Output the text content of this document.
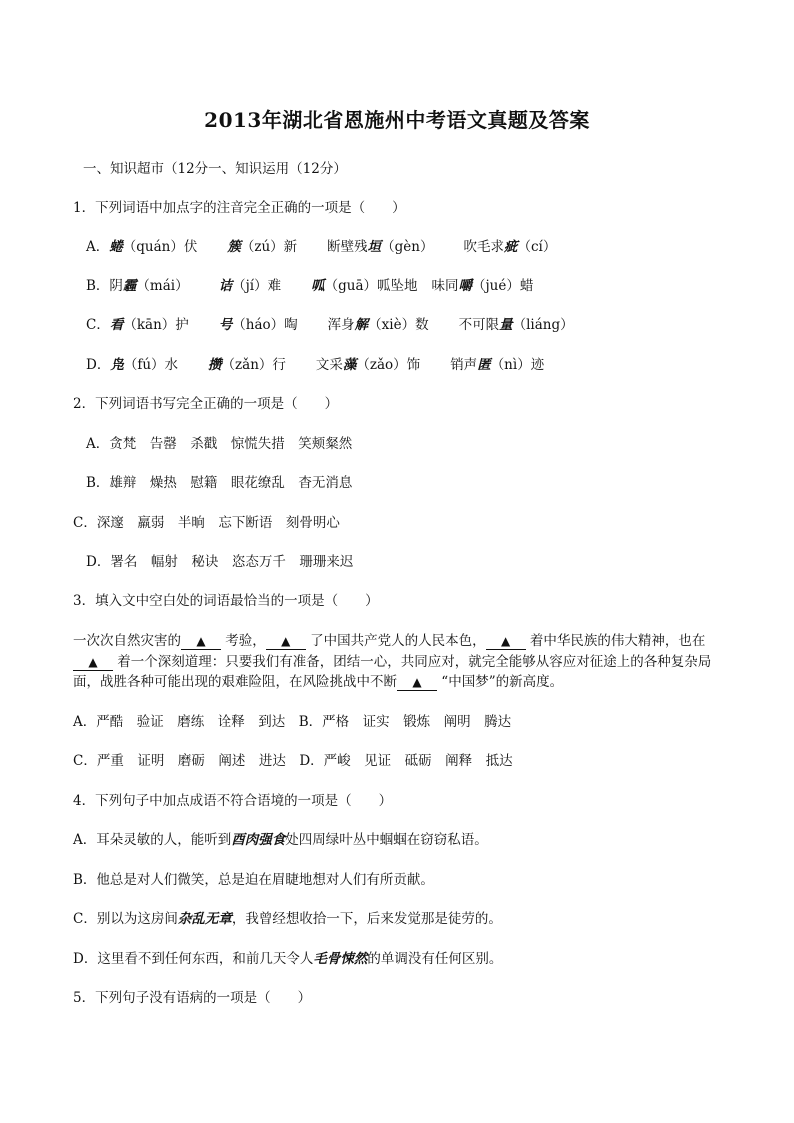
2013年湖北省恩施州中考语文真题及答案
一、知识超市（12分一、知识运用（12分）
1．下列词语中加点字的注音完全正确的一项是（　　）
A．蜷（quán）伏 簇（zú）新 断壁残垣（gèn） 吹毛求疵（cí）
B．阴霾（mái） 诘（jí）难 呱（guā）呱坠地 味同嚼（jué）蜡
C．看（kān）护 号（háo）啕 浑身解（xiè）数 不可限量（liáng）
D．凫（fú）水 攒（zǎn）行 文采藻（zǎo）饰 销声匿（nì）迹
2．下列词语书写完全正确的一项是（　　）
A．贪梵　告罄　杀戳　惊慌失措　笑颊粲然
B．雄辩　燥热　慰籍　眼花缭乱　杳无消息
C．深邃　羸弱　半晌　忘下断语　刻骨明心
D．署名　幅射　秘诀　恣态万千　珊珊来迟
3．填入文中空白处的词语最恰当的一项是（　　）
一次次自然灾害的 ▲ 考验， ▲ 了中国共产党人的人民本色， ▲ 着中华民族的伟大精神，也在
▲ 着一个深刻道理：只要我们有准备，团结一心，共同应对，就完全能够从容应对征途上的各种复杂局面，战胜各种可能出现的艰难险阻，在风险挑战中不断 ▲ “中国梦”的新高度。
A．严酷　验证　磨练　诠释　到达　B．严格　证实　锻炼　阐明　腾达
C．严重　证明　磨砺　阐述　进达　D．严峻　见证　砥砺　阐释　抵达
4．下列句子中加点成语不符合语境的一项是（　　）
A．耳朵灵敏的人，能听到酉肉强食处四周绿叶丛中蝈蝈在窃窃私语。
B．他总是对人们微笑，总是迫在眉睫地想对人们有所贡献。
C．别以为这房间杂乱无章，我曾经想收拾一下，后来发觉那是徒劳的。
D．这里看不到任何东西，和前几天令人毛骨悚然的单调没有任何区别。
5．下列句子没有语病的一项是（　　）
